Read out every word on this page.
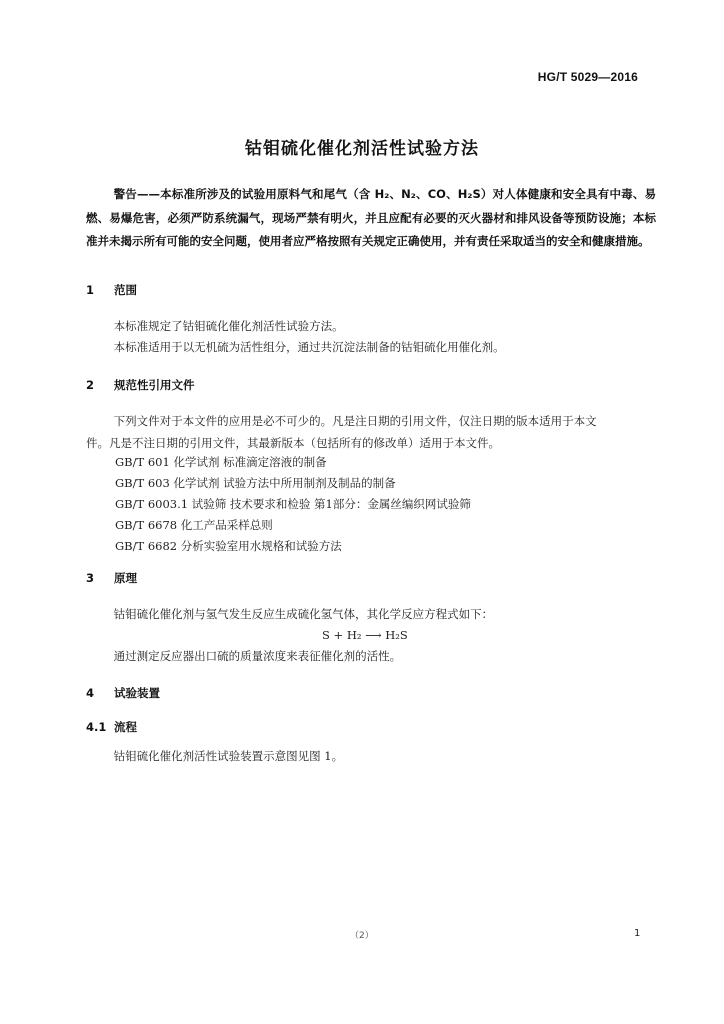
HG/T 5029—2016
钴钼硫化催化剂活性试验方法
警告——本标准所涉及的试验用原料气和尾气（含 H₂、N₂、CO、H₂S）对人体健康和安全具有中毒、易燃、易爆危害，必须严防系统漏气，现场严禁有明火，并且应配有必要的灭火器材和排风设备等预防设施；本标准并未揭示所有可能的安全问题，使用者应严格按照有关规定正确使用，并有责任采取适当的安全和健康措施。
1 范围
本标准规定了钴钼硫化催化剂活性试验方法。
本标准适用于以无机硫为活性组分，通过共沉淀法制备的钴钼硫化用催化剂。
2 规范性引用文件
下列文件对于本文件的应用是必不可少的。凡是注日期的引用文件，仅注日期的版本适用于本文
件。凡是不注日期的引用文件，其最新版本（包括所有的修改单）适用于本文件。
GB/T 601 化学试剂 标准滴定溶液的制备
GB/T 603 化学试剂 试验方法中所用制剂及制品的制备
GB/T 6003.1 试验筛 技术要求和检验 第1部分：金属丝编织网试验筛
GB/T 6678 化工产品采样总则
GB/T 6682 分析实验室用水规格和试验方法
3 原理
钴钼硫化催化剂与氢气发生反应生成硫化氢气体，其化学反应方程式如下：
S + H₂ ⟶ H₂S
通过测定反应器出口硫的质量浓度来表征催化剂的活性。
4 试验装置
4.1 流程
钴钼硫化催化剂活性试验装置示意图见图 1。
（2）	1
